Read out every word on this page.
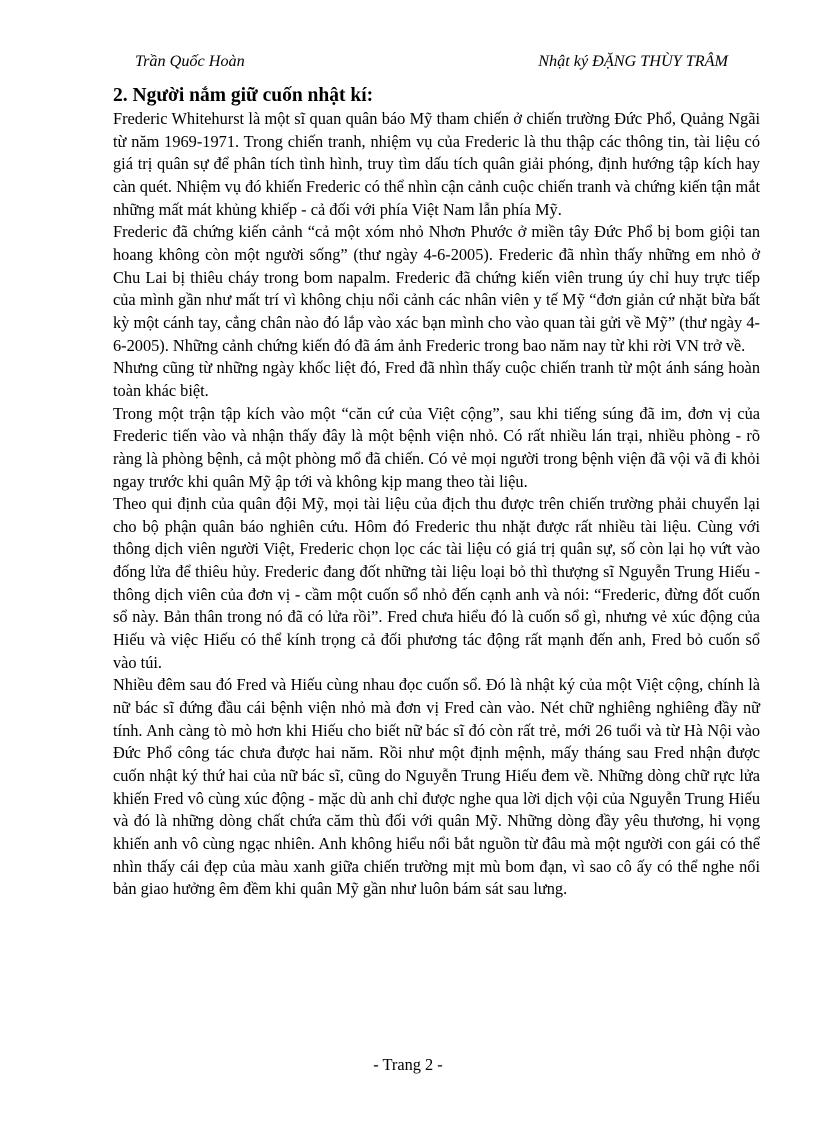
Trần Quốc Hoàn	Nhật ký ĐẶNG THÙY TRÂM

2. Người nắm giữ cuốn nhật kí:

Frederic Whitehurst là một sĩ quan quân báo Mỹ tham chiến ở chiến trường Đức Phổ, Quảng Ngãi từ năm 1969-1971. Trong chiến tranh, nhiệm vụ của Frederic là thu thập các thông tin, tài liệu có giá trị quân sự để phân tích tình hình, truy tìm dấu tích quân giải phóng, định hướng tập kích hay càn quét. Nhiệm vụ đó khiến Frederic có thể nhìn cận cảnh cuộc chiến tranh và chứng kiến tận mắt những mất mát khủng khiếp - cả đối với phía Việt Nam lẫn phía Mỹ.

Frederic đã chứng kiến cảnh “cả một xóm nhỏ Nhơn Phước ở miền tây Đức Phổ bị bom giội tan hoang không còn một người sống” (thư ngày 4-6-2005). Frederic đã nhìn thấy những em nhỏ ở Chu Lai bị thiêu cháy trong bom napalm. Frederic đã chứng kiến viên trung úy chỉ huy trực tiếp của mình gần như mất trí vì không chịu nổi cảnh các nhân viên y tế Mỹ “đơn giản cứ nhặt bừa bất kỳ một cánh tay, cẳng chân nào đó lắp vào xác bạn mình cho vào quan tài gửi về Mỹ” (thư ngày 4-6-2005). Những cảnh chứng kiến đó đã ám ảnh Frederic trong bao năm nay từ khi rời VN trở về.

Nhưng cũng từ những ngày khốc liệt đó, Fred đã nhìn thấy cuộc chiến tranh từ một ánh sáng hoàn toàn khác biệt.

Trong một trận tập kích vào một “căn cứ của Việt cộng”, sau khi tiếng súng đã im, đơn vị của Frederic tiến vào và nhận thấy đây là một bệnh viện nhỏ. Có rất nhiều lán trại, nhiều phòng - rõ ràng là phòng bệnh, cả một phòng mổ đã chiến. Có vẻ mọi người trong bệnh viện đã vội vã đi khỏi ngay trước khi quân Mỹ ập tới và không kịp mang theo tài liệu.

Theo qui định của quân đội Mỹ, mọi tài liệu của địch thu được trên chiến trường phải chuyển lại cho bộ phận quân báo nghiên cứu. Hôm đó Frederic thu nhặt được rất nhiều tài liệu. Cùng với thông dịch viên người Việt, Frederic chọn lọc các tài liệu có giá trị quân sự, số còn lại họ vứt vào đống lửa để thiêu hủy. Frederic đang đốt những tài liệu loại bỏ thì thượng sĩ Nguyễn Trung Hiếu - thông dịch viên của đơn vị - cầm một cuốn sổ nhỏ đến cạnh anh và nói: “Frederic, đừng đốt cuốn sổ này. Bản thân trong nó đã có lửa rồi”. Fred chưa hiểu đó là cuốn sổ gì, nhưng vẻ xúc động của Hiếu và việc Hiếu có thể kính trọng cả đối phương tác động rất mạnh đến anh, Fred bỏ cuốn sổ vào túi.

Nhiều đêm sau đó Fred và Hiếu cùng nhau đọc cuốn sổ. Đó là nhật ký của một Việt cộng, chính là nữ bác sĩ đứng đầu cái bệnh viện nhỏ mà đơn vị Fred càn vào. Nét chữ nghiêng nghiêng đầy nữ tính. Anh càng tò mò hơn khi Hiếu cho biết nữ bác sĩ đó còn rất trẻ, mới 26 tuổi và từ Hà Nội vào Đức Phổ công tác chưa được hai năm. Rồi như một định mệnh, mấy tháng sau Fred nhận được cuốn nhật ký thứ hai của nữ bác sĩ, cũng do Nguyễn Trung Hiếu đem về. Những dòng chữ rực lửa khiến Fred vô cùng xúc động - mặc dù anh chỉ được nghe qua lời dịch vội của Nguyễn Trung Hiếu và đó là những dòng chất chứa căm thù đối với quân Mỹ. Những dòng đầy yêu thương, hi vọng khiến anh vô cùng ngạc nhiên. Anh không hiểu nổi bắt nguồn từ đâu mà một người con gái có thể nhìn thấy cái đẹp của màu xanh giữa chiến trường mịt mù bom đạn, vì sao cô ấy có thể nghe nổi bản giao hưởng êm đềm khi quân Mỹ gần như luôn bám sát sau lưng.

- Trang 2 -
